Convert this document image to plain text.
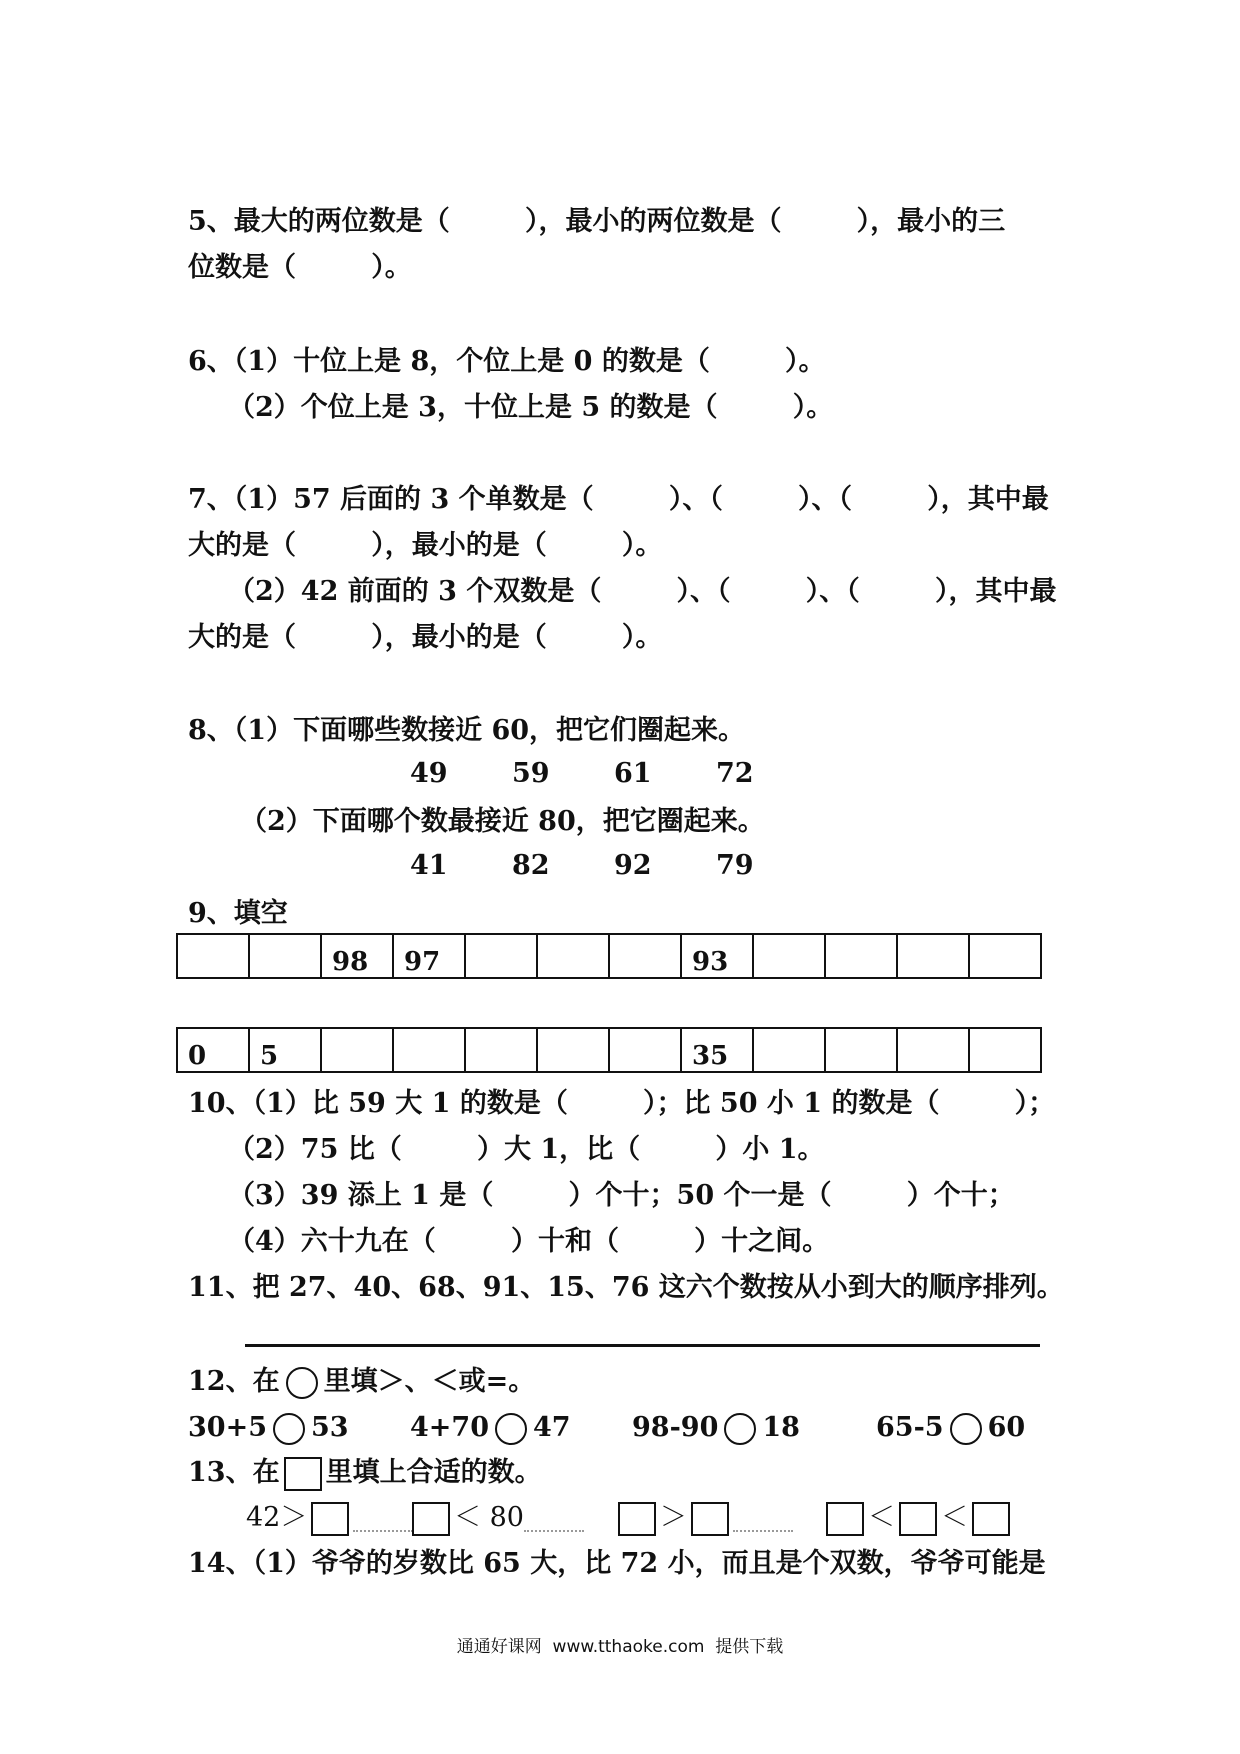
5、最大的两位数是（        ），最小的两位数是（        ），最小的三
位数是（        ）。
6、（1）十位上是 8，个位上是 0 的数是（        ）。
（2）个位上是 3，十位上是 5 的数是（        ）。
7、（1）57 后面的 3 个单数是（        ）、（        ）、（        ），其中最
大的是（        ），最小的是（        ）。
（2）42 前面的 3 个双数是（        ）、（        ）、（        ），其中最
大的是（        ），最小的是（        ）。
8、（1）下面哪些数接近 60，把它们圈起来。
49 59 61 72
（2）下面哪个数最接近 80，把它圈起来。
41 82 92 79
9、填空
		98	97				93				
0	5						35				
10、（1）比 59 大 1 的数是（        ）；比 50 小 1 的数是（        ）；
（2）75 比（        ）大 1，比（        ）小 1。
（3）39 添上 1 是（        ）个十；50 个一是（        ）个十；
（4）六十九在（        ）十和（        ）十之间。
11、把 27、40、68、91、15、76 这六个数按从小到大的顺序排列。
12、在 里填＞、＜或=。
30+5 53 4+70 47 98-90 18	65-5 60
13、在 里填上合适的数。
42＞	＜ 80	＞	＜ ＜
14、（1）爷爷的岁数比 65 大，比 72 小，而且是个双数，爷爷可能是
通通好课网  www.tthaoke.com  提供下载
